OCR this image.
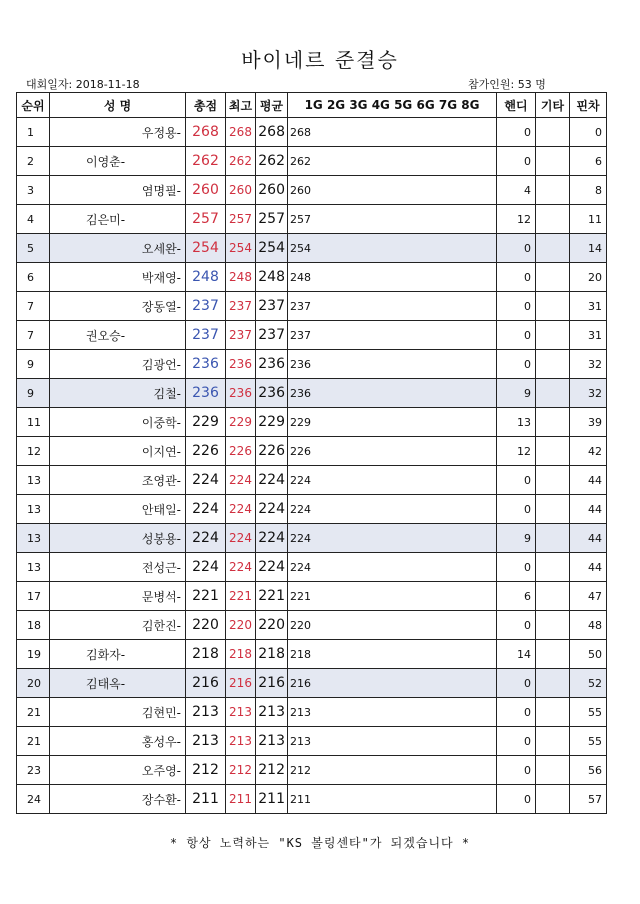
바이네르 준결승
대회일자: 2018-11-18	참가인원: 53 명
순위	성 명	총점	최고	평균	1G 2G 3G 4G 5G 6G 7G 8G	핸디	기타	핀차
1	우정용-	268	268	268	268	0		0
2	이영춘-	262	262	262	262	0		6
3	염명필-	260	260	260	260	4		8
4	김은미-	257	257	257	257	12		11
5	오세완-	254	254	254	254	0		14
6	박재영-	248	248	248	248	0		20
7	장동열-	237	237	237	237	0		31
7	권오승-	237	237	237	237	0		31
9	김광언-	236	236	236	236	0		32
9	김철-	236	236	236	236	9		32
11	이중학-	229	229	229	229	13		39
12	이지연-	226	226	226	226	12		42
13	조영관-	224	224	224	224	0		44
13	안태일-	224	224	224	224	0		44
13	성봉용-	224	224	224	224	9		44
13	전성근-	224	224	224	224	0		44
17	문병석-	221	221	221	221	6		47
18	김한진-	220	220	220	220	0		48
19	김화자-	218	218	218	218	14		50
20	김태옥-	216	216	216	216	0		52
21	김현민-	213	213	213	213	0		55
21	홍성우-	213	213	213	213	0		55
23	오주영-	212	212	212	212	0		56
24	장수환-	211	211	211	211	0		57
* 항상 노력하는 "KS 볼링센타"가 되겠습니다 *
